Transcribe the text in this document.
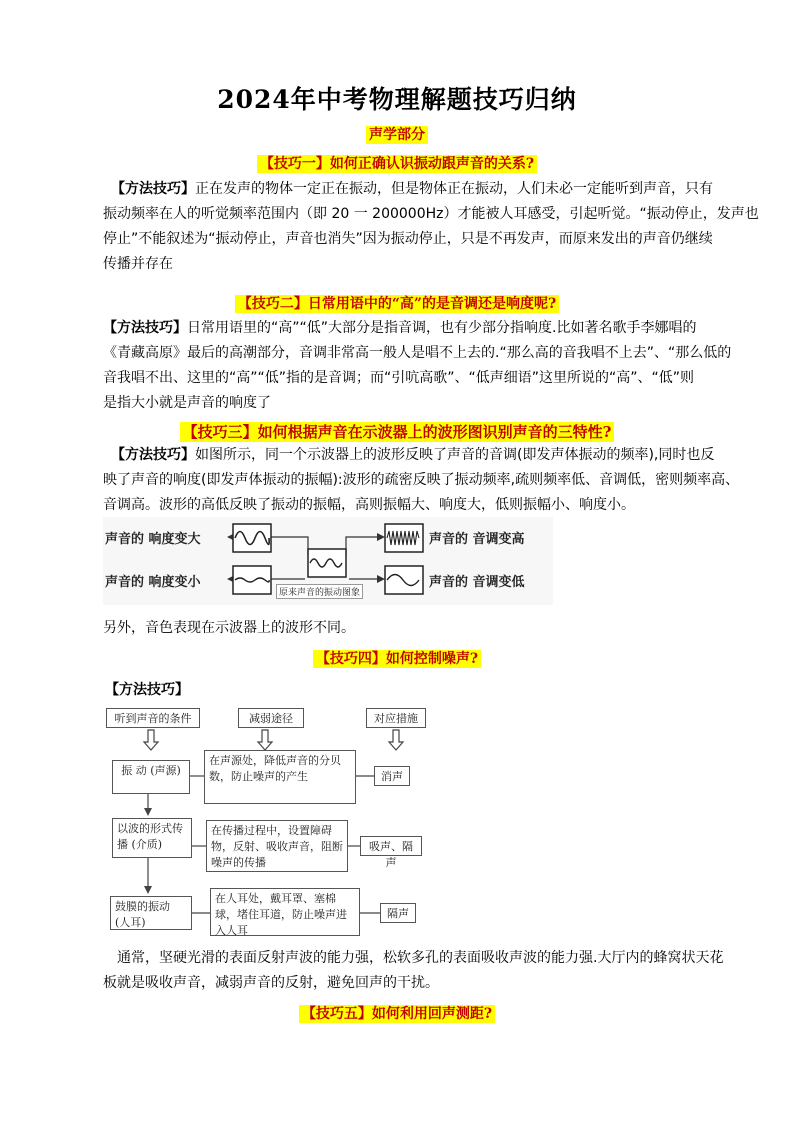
2024年中考物理解题技巧归纳
声学部分
【技巧一】如何正确认识振动跟声音的关系?
【方法技巧】正在发声的物体一定正在振动，但是物体正在振动，人们未必一定能听到声音，只有
振动频率在人的听觉频率范围内（即 20 一 200000Hz）才能被人耳感受，引起听觉。“振动停止，发声也
停止”不能叙述为“振动停止，声音也消失”因为振动停止，只是不再发声，而原来发出的声音仍继续
传播并存在
【技巧二】日常用语中的“高”的是音调还是响度呢?
【方法技巧】日常用语里的“高”“低”大部分是指音调，也有少部分指响度.比如著名歌手李娜唱的
《青藏高原》最后的高潮部分，音调非常高一般人是唱不上去的.“那么高的音我唱不上去”、“那么低的
音我唱不出、这里的“高”“低”指的是音调；而“引吭高歌”、“低声细语”这里所说的“高”、“低”则
是指大小就是声音的响度了
【技巧三】如何根据声音在示波器上的波形图识别声音的三特性?
【方法技巧】如图所示，同一个示波器上的波形反映了声音的音调(即发声体振动的频率),同时也反
映了声音的响度(即发声体振动的振幅):波形的疏密反映了振动频率,疏则频率低、音调低，密则频率高、
音调高。波形的高低反映了振动的振幅，高则振幅大、响度大，低则振幅小、响度小。
声音的 响度变大
声音的 响度变小
声音的 音调变高
声音的 音调变低
原来声音的振动图象
另外，音色表现在示波器上的波形不同。
【技巧四】如何控制噪声?
【方法技巧】
听到声音的条件	减弱途径	对应措施
振 动 (声源)
在声源处，降低声音的分贝数，防止噪声的产生	消声
以波的形式传播 (介质)
在传播过程中，设置障碍物，反射、吸收声音，阻断噪声的传播
吸声、隔声
鼓膜的振动 (人耳)
在人耳处，戴耳罩、塞棉球，堵住耳道，防止噪声进入人耳
隔声
通常，坚硬光滑的表面反射声波的能力强，松软多孔的表面吸收声波的能力强.大厅内的蜂窝状天花
板就是吸收声音，减弱声音的反射，避免回声的干扰。
【技巧五】如何利用回声测距?
